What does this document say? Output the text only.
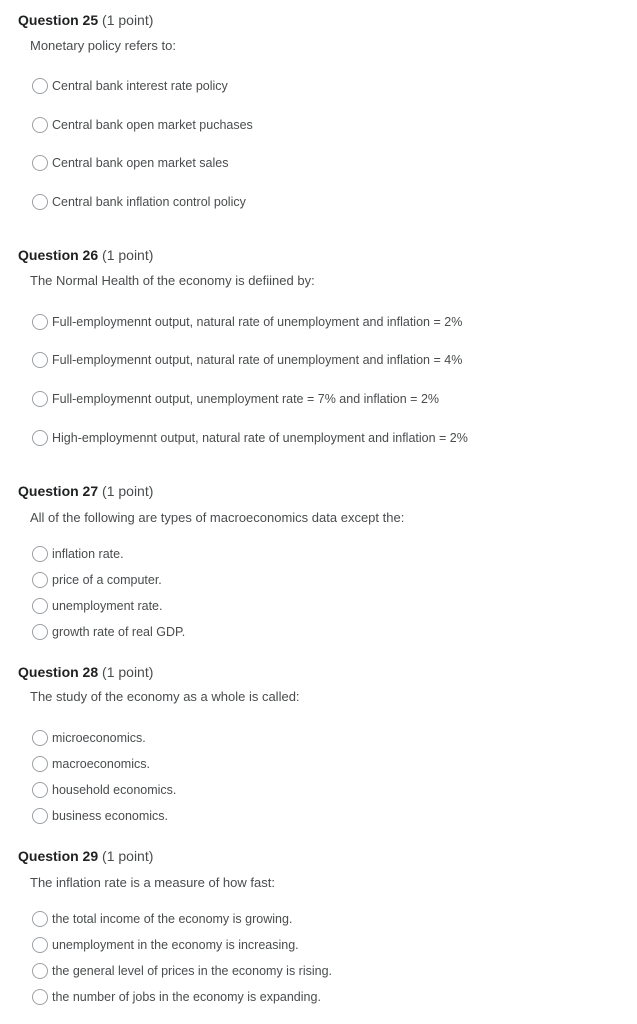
Question 25 (1 point)
Monetary policy refers to:
Central bank interest rate policy
Central bank open market puchases
Central bank open market sales
Central bank inflation control policy
Question 26 (1 point)
The Normal Health of the economy is defiined by:
Full-employmennt output, natural rate of unemployment and inflation = 2%
Full-employmennt output, natural rate of unemployment and inflation = 4%
Full-employmennt output, unemployment rate = 7% and inflation = 2%
High-employmennt output, natural rate of unemployment and inflation = 2%
Question 27 (1 point)
All of the following are types of macroeconomics data except the:
inflation rate.
price of a computer.
unemployment rate.
growth rate of real GDP.
Question 28 (1 point)
The study of the economy as a whole is called:
microeconomics.
macroeconomics.
household economics.
business economics.
Question 29 (1 point)
The inflation rate is a measure of how fast:
the total income of the economy is growing.
unemployment in the economy is increasing.
the general level of prices in the economy is rising.
the number of jobs in the economy is expanding.
